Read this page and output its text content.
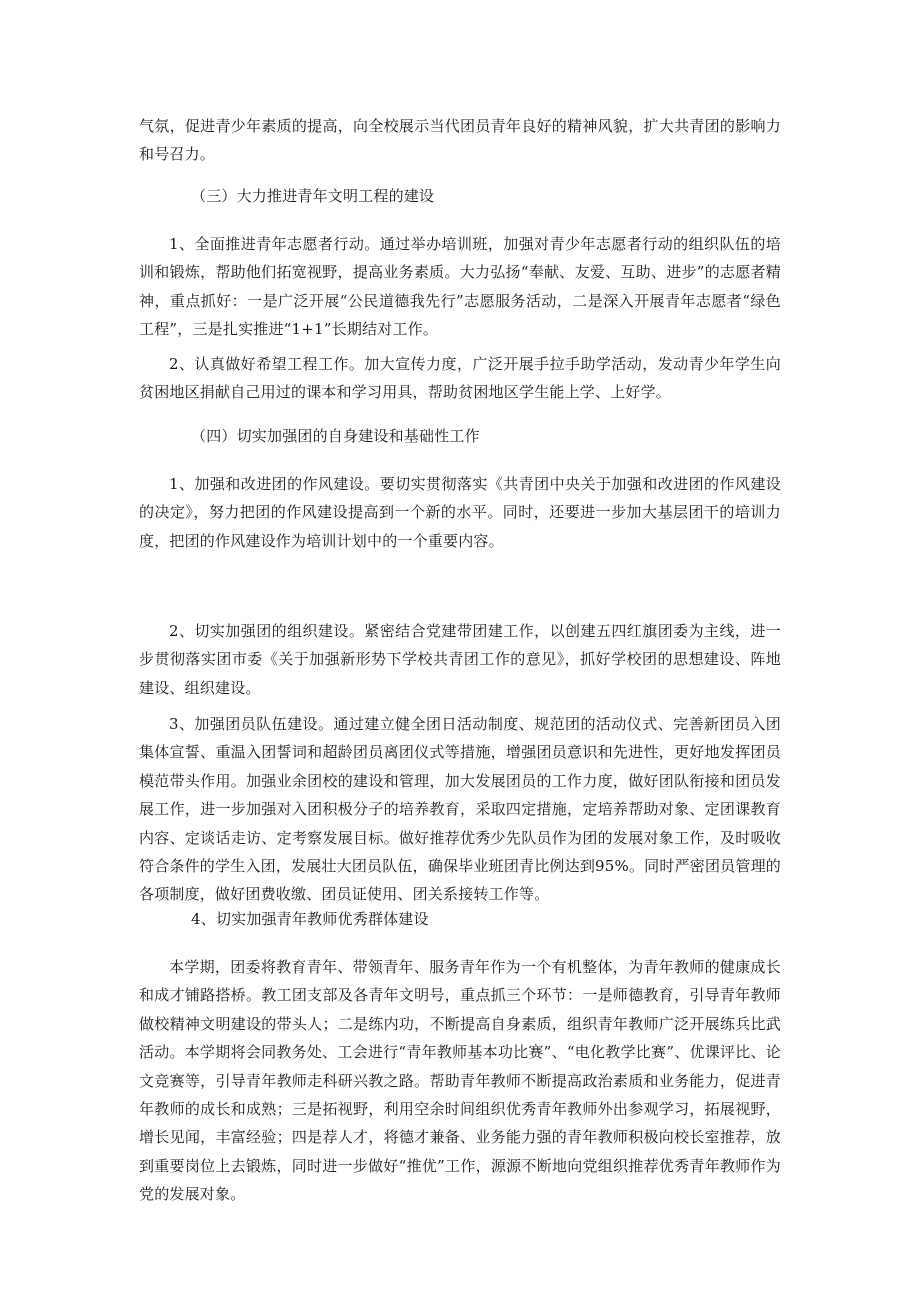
气氛，促进青少年素质的提高，向全校展示当代团员青年良好的精神风貌，扩大共青团的影响力和号召力。

（三）大力推进青年文明工程的建设

1、全面推进青年志愿者行动。通过举办培训班，加强对青少年志愿者行动的组织队伍的培训和锻炼，帮助他们拓宽视野，提高业务素质。大力弘扬“奉献、友爱、互助、进步”的志愿者精神，重点抓好：一是广泛开展“公民道德我先行”志愿服务活动，二是深入开展青年志愿者“绿色工程”，三是扎实推进“1+1”长期结对工作。

2、认真做好希望工程工作。加大宣传力度，广泛开展手拉手助学活动，发动青少年学生向贫困地区捐献自己用过的课本和学习用具，帮助贫困地区学生能上学、上好学。

（四）切实加强团的自身建设和基础性工作

1、加强和改进团的作风建设。要切实贯彻落实《共青团中央关于加强和改进团的作风建设的决定》，努力把团的作风建设提高到一个新的水平。同时，还要进一步加大基层团干的培训力度，把团的作风建设作为培训计划中的一个重要内容。

2、切实加强团的组织建设。紧密结合党建带团建工作，以创建五四红旗团委为主线，进一步贯彻落实团市委《关于加强新形势下学校共青团工作的意见》，抓好学校团的思想建设、阵地建设、组织建设。

3、加强团员队伍建设。通过建立健全团日活动制度、规范团的活动仪式、完善新团员入团集体宣誓、重温入团誓词和超龄团员离团仪式等措施，增强团员意识和先进性，更好地发挥团员模范带头作用。加强业余团校的建设和管理，加大发展团员的工作力度，做好团队衔接和团员发展工作，进一步加强对入团积极分子的培养教育，采取四定措施，定培养帮助对象、定团课教育内容、定谈话走访、定考察发展目标。做好推荐优秀少先队员作为团的发展对象工作，及时吸收符合条件的学生入团，发展壮大团员队伍，确保毕业班团青比例达到95%。同时严密团员管理的各项制度，做好团费收缴、团员证使用、团关系接转工作等。

4、切实加强青年教师优秀群体建设

本学期，团委将教育青年、带领青年、服务青年作为一个有机整体，为青年教师的健康成长和成才铺路搭桥。教工团支部及各青年文明号，重点抓三个环节：一是师德教育，引导青年教师做校精神文明建设的带头人；二是练内功，不断提高自身素质，组织青年教师广泛开展练兵比武活动。本学期将会同教务处、工会进行“青年教师基本功比赛”、“电化教学比赛”、优课评比、论文竞赛等，引导青年教师走科研兴教之路。帮助青年教师不断提高政治素质和业务能力，促进青年教师的成长和成熟；三是拓视野，利用空余时间组织优秀青年教师外出参观学习，拓展视野，增长见闻，丰富经验；四是荐人才，将德才兼备、业务能力强的青年教师积极向校长室推荐，放到重要岗位上去锻炼，同时进一步做好“推优”工作，源源不断地向党组织推荐优秀青年教师作为党的发展对象。
